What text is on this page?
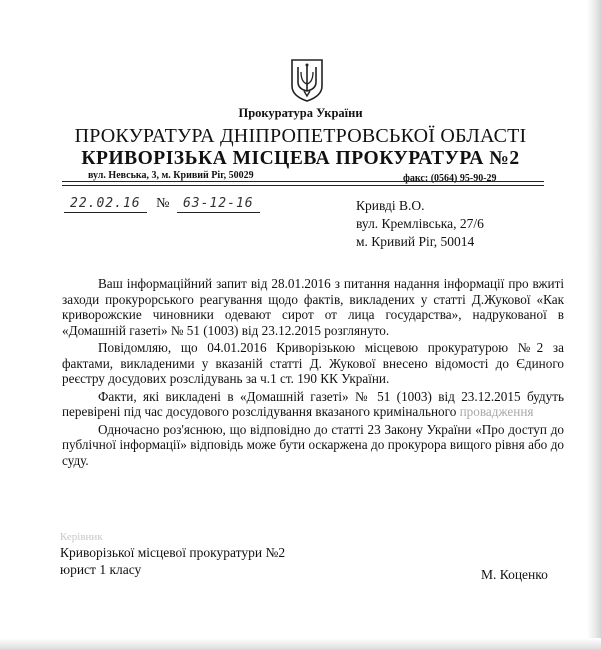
Прокуратура України
ПРОКУРАТУРА ДНІПРОПЕТРОВСЬКОЇ ОБЛАСТІ
КРИВОРІЗЬКА МІСЦЕВА ПРОКУРАТУРА №2
вул. Невська, 3, м. Кривий Ріг, 50029	факс: (0564) 95-90-29
22.02.16 № 63-12-16	Кривді В.О.
вул. Кремлівська, 27/6
м. Кривий Ріг, 50014

Ваш інформаційний запит від 28.01.2016 з питання надання інформації про вжиті заходи прокурорського реагування щодо фактів, викладених у статті Д.Жукової «Как криворожские чиновники одевают сирот от лица государства», надрукованої в «Домашній газеті» № 51 (1003) від 23.12.2015 розглянуто.

Повідомляю, що 04.01.2016 Криворізькою місцевою прокуратурою №2 за фактами, викладеними у вказаній статті Д. Жукової внесено відомості до Єдиного реєстру досудових розслідувань за ч.1 ст. 190 КК України.

Факти, які викладені в «Домашній газеті» № 51 (1003) від 23.12.2015 будуть перевірені під час досудового розслідування вказаного кримінального провадження

Одночасно роз'яснюю, що відповідно до статті 23 Закону України «Про доступ до публічної інформації» відповідь може бути оскаржена до прокурора вищого рівня або до суду.

Керівник
Криворізької місцевої прокуратури №2
юрист 1 класу	М. Коценко
